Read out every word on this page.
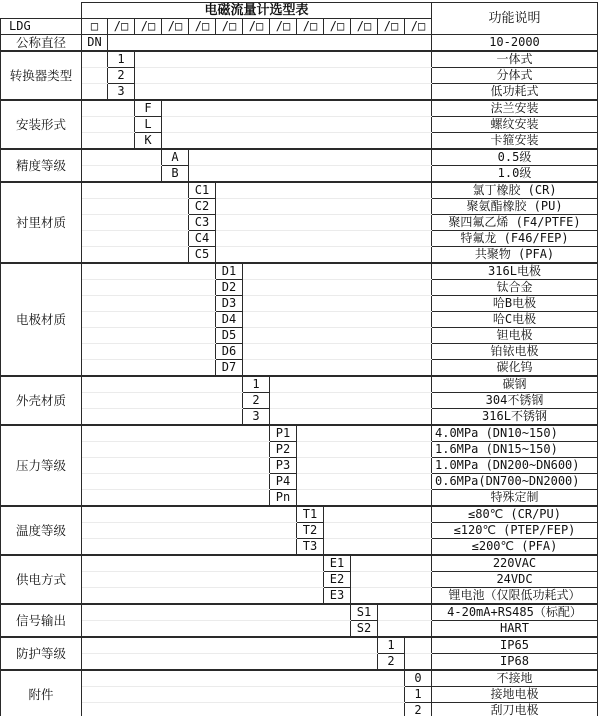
	电磁流量计选型表													功能说明
LDG	□	/□	/□	/□	/□	/□	/□	/□	/□	/□	/□	/□	/□	
公称直径	DN													10-2000
转换器类型		1												一体式
		2												分体式
		3												低功耗式
安装形式			F											法兰安装
			L											螺纹安装
			K											卡箍安装
精度等级				A										0.5级
				B										1.0级
衬里材质					C1									氯丁橡胶 (CR)
					C2									聚氨酯橡胶 (PU)
					C3									聚四氟乙烯 (F4/PTFE)
					C4									特氟龙 (F46/FEP)
					C5									共聚物 (PFA)
电极材质						D1								316L电极
						D2								钛合金
						D3								哈B电极
						D4								哈C电极
						D5								钽电极
						D6								铂铱电极
						D7								碳化钨
外壳材质							1							碳钢
							2							304不锈钢
							3							316L不锈钢
压力等级								P1						4.0MPa (DN10~150)
								P2						1.6MPa (DN15~150)
								P3						1.0MPa (DN200~DN600)
								P4						0.6MPa(DN700~DN2000)
								Pn						特殊定制
温度等级									T1					≤80℃ (CR/PU)
									T2					≤120℃ (PTEP/FEP)
									T3					≤200℃ (PFA)
供电方式										E1				220VAC
										E2				24VDC
										E3				锂电池（仅限低功耗式）
信号输出											S1			4-20mA+RS485（标配）
											S2			HART
防护等级												1		IP65
												2		IP68
附件													0	不接地
													1	接地电极
													2	刮刀电极
